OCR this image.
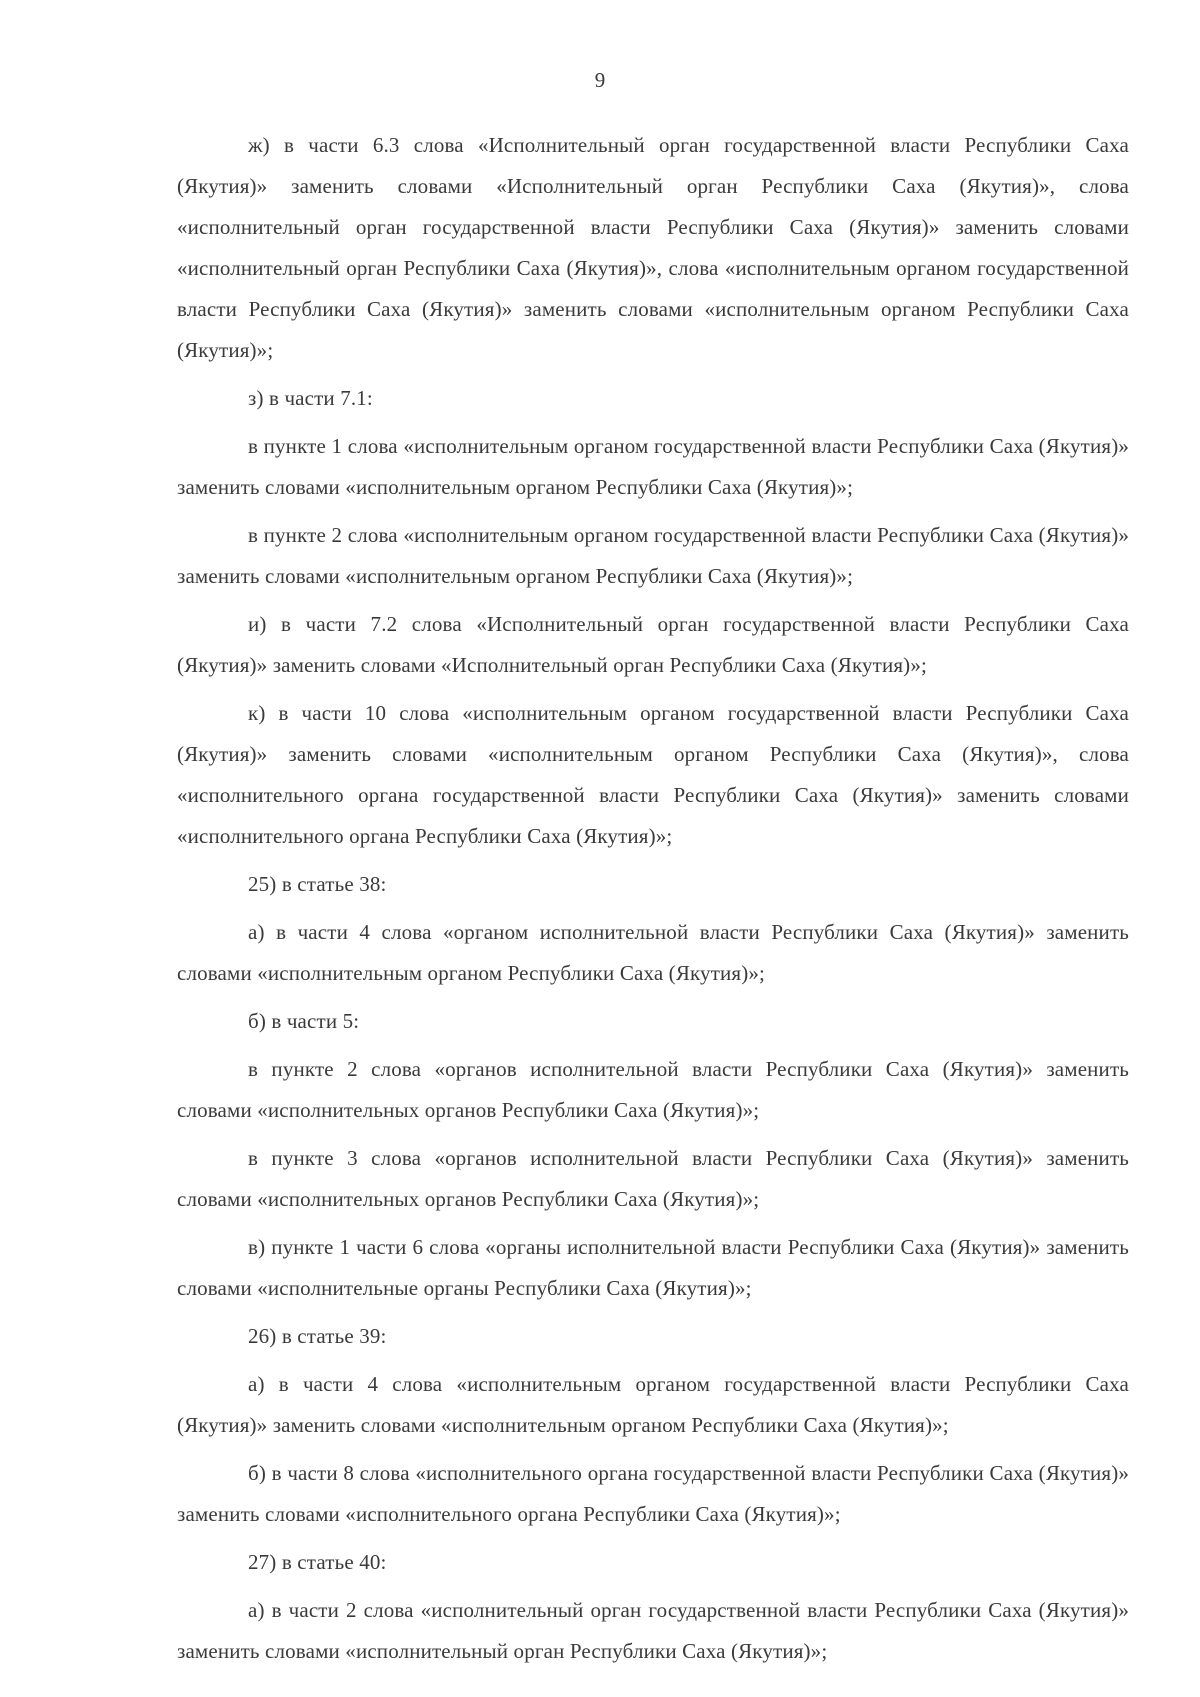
9

ж) в части 6.3 слова «Исполнительный орган государственной власти Республики Саха (Якутия)» заменить словами «Исполнительный орган Республики Саха (Якутия)», слова «исполнительный орган государственной власти Республики Саха (Якутия)» заменить словами «исполнительный орган Республики Саха (Якутия)», слова «исполнительным органом государственной власти Республики Саха (Якутия)» заменить словами «исполнительным органом Республики Саха (Якутия)»;

з) в части 7.1:

в пункте 1 слова «исполнительным органом государственной власти Республики Саха (Якутия)» заменить словами «исполнительным органом Республики Саха (Якутия)»;

в пункте 2 слова «исполнительным органом государственной власти Республики Саха (Якутия)» заменить словами «исполнительным органом Республики Саха (Якутия)»;

и) в части 7.2 слова «Исполнительный орган государственной власти Республики Саха (Якутия)» заменить словами «Исполнительный орган Республики Саха (Якутия)»;

к) в части 10 слова «исполнительным органом государственной власти Республики Саха (Якутия)» заменить словами «исполнительным органом Республики Саха (Якутия)», слова «исполнительного органа государственной власти Республики Саха (Якутия)» заменить словами «исполнительного органа Республики Саха (Якутия)»;

25) в статье 38:

а) в части 4 слова «органом исполнительной власти Республики Саха (Якутия)» заменить словами «исполнительным органом Республики Саха (Якутия)»;

б) в части 5:

в пункте 2 слова «органов исполнительной власти Республики Саха (Якутия)» заменить словами «исполнительных органов Республики Саха (Якутия)»;

в пункте 3 слова «органов исполнительной власти Республики Саха (Якутия)» заменить словами «исполнительных органов Республики Саха (Якутия)»;

в) пункте 1 части 6 слова «органы исполнительной власти Республики Саха (Якутия)» заменить словами «исполнительные органы Республики Саха (Якутия)»;

26) в статье 39:

а) в части 4 слова «исполнительным органом государственной власти Республики Саха (Якутия)» заменить словами «исполнительным органом Республики Саха (Якутия)»;

б) в части 8 слова «исполнительного органа государственной власти Республики Саха (Якутия)» заменить словами «исполнительного органа Республики Саха (Якутия)»;

27) в статье 40:

а) в части 2 слова «исполнительный орган государственной власти Республики Саха (Якутия)» заменить словами «исполнительный орган Республики Саха (Якутия)»;
